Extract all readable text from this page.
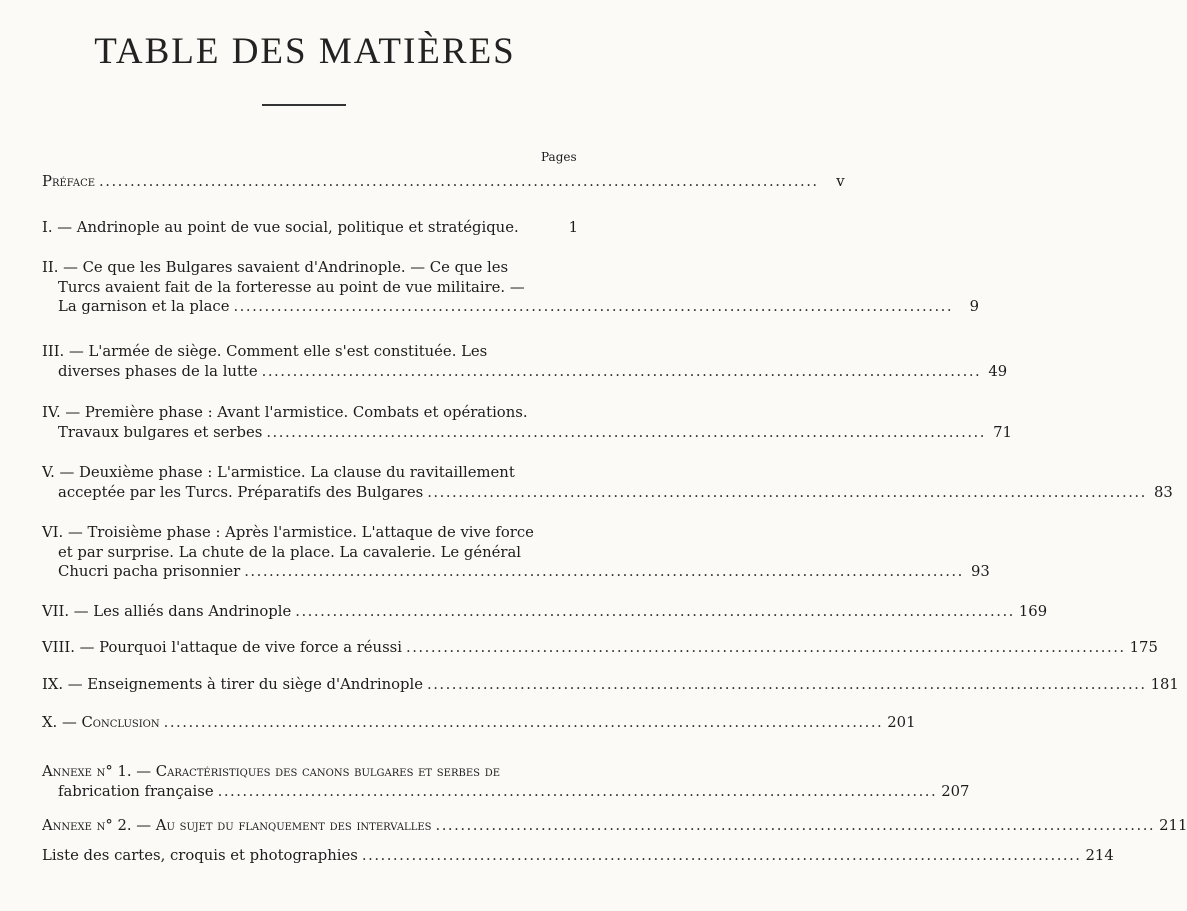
TABLE DES MATIÈRES
Pages
Préface ....................................................................................................................	v
I. — Andrinople au point de vue social, politique et stratégique.	1
II. — Ce que les Bulgares savaient d'Andrinople. — Ce que les
Turcs avaient fait de la forteresse au point de vue militaire. —
La garnison et la place ....................................................................................................................	9
III. — L'armée de siège. Comment elle s'est constituée. Les
diverses phases de la lutte .................................................................................................................... 49
IV. — Première phase : Avant l'armistice. Combats et opérations.
Travaux bulgares et serbes .................................................................................................................... 71
V. — Deuxième phase : L'armistice. La clause du ravitaillement
acceptée par les Turcs. Préparatifs des Bulgares .................................................................................................................... 83
VI. — Troisième phase : Après l'armistice. L'attaque de vive force
et par surprise. La chute de la place. La cavalerie. Le général
Chucri pacha prisonnier .................................................................................................................... 93
VII. — Les alliés dans Andrinople .................................................................................................................... 169
VIII. — Pourquoi l'attaque de vive force a réussi .................................................................................................................... 175
IX. — Enseignements à tirer du siège d'Andrinople .................................................................................................................... 181
X. — Conclusion .................................................................................................................... 201
Annexe n° 1. — Caractéristiques des canons bulgares et serbes de
fabrication française .................................................................................................................... 207
Annexe n° 2. — Au sujet du flanquement des intervalles .................................................................................................................... 211
Liste des cartes, croquis et photographies .................................................................................................................... 214
